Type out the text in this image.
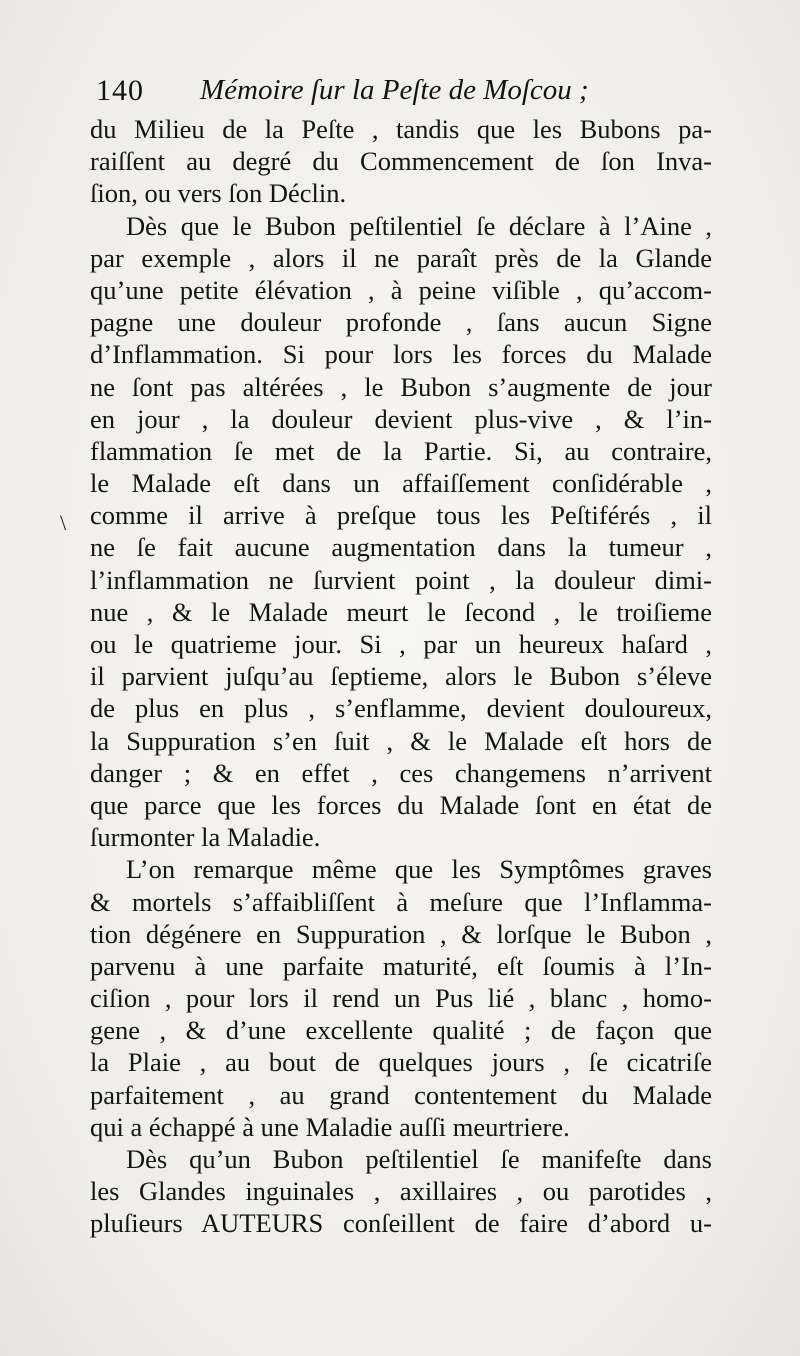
140 Mémoire ſur la Peſte de Moſcou ;
\
du Milieu de la Peſte , tandis que les Bubons pa-
raiſſent au degré du Commencement de ſon Inva-
ſion, ou vers ſon Déclin.
Dès que le Bubon peſtilentiel ſe déclare à l’Aine ,
par exemple , alors il ne paraît près de la Glande
qu’une petite élévation , à peine viſible , qu’accom-
pagne une douleur profonde , ſans aucun Signe
d’Inflammation. Si pour lors les forces du Malade
ne ſont pas altérées , le Bubon s’augmente de jour
en jour , la douleur devient plus-vive , & l’in-
flammation ſe met de la Partie. Si, au contraire,
le Malade eſt dans un affaiſſement conſidérable ,
comme il arrive à preſque tous les Peſtiférés , il
ne ſe fait aucune augmentation dans la tumeur ,
l’inflammation ne ſurvient point , la douleur dimi-
nue , & le Malade meurt le ſecond , le troiſieme
ou le quatrieme jour. Si , par un heureux haſard ,
il parvient juſqu’au ſeptieme, alors le Bubon s’éleve
de plus en plus , s’enflamme, devient douloureux,
la Suppuration s’en ſuit , & le Malade eſt hors de
danger ; & en effet , ces changemens n’arrivent
que parce que les forces du Malade ſont en état de
ſurmonter la Maladie.
L’on remarque même que les Symptômes graves
& mortels s’affaibliſſent à meſure que l’Inflamma-
tion dégénere en Suppuration , & lorſque le Bubon ,
parvenu à une parfaite maturité, eſt ſoumis à l’In-
ciſion , pour lors il rend un Pus lié , blanc , homo-
gene , & d’une excellente qualité ; de façon que
la Plaie , au bout de quelques jours , ſe cicatriſe
parfaitement , au grand contentement du Malade
qui a échappé à une Maladie auſſi meurtriere.
Dès qu’un Bubon peſtilentiel ſe manifeſte dans
les Glandes inguinales , axillaires , ou parotides ,
pluſieurs AUTEURS conſeillent de faire d’abord u-
